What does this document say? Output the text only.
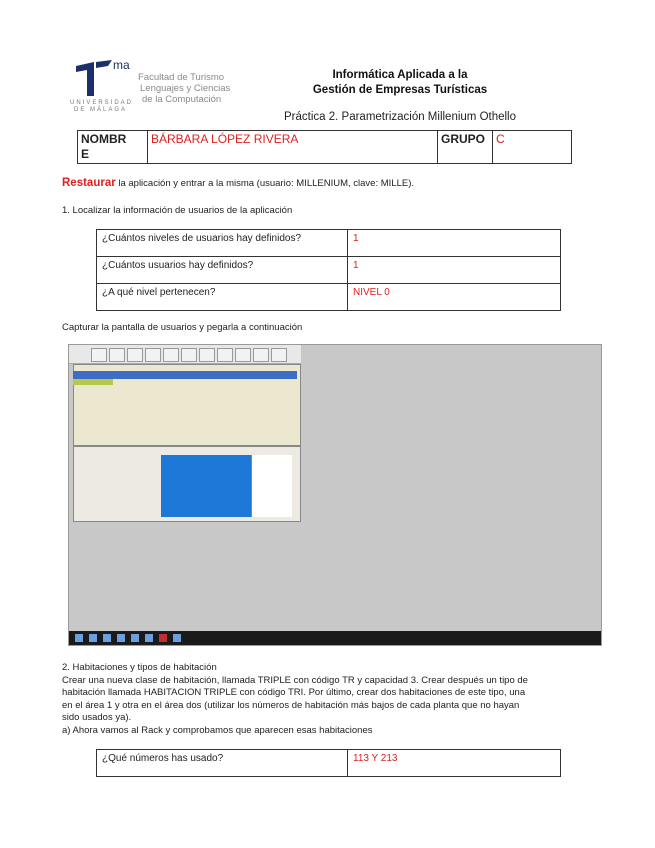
ma
Facultad de Turismo
Lenguajes y Ciencias
de la Computación
UNIVERSIDAD
DE MÁLAGA
Informática Aplicada a la
Gestión de Empresas Turísticas
Práctica 2. Parametrización Millenium Othello
NOMBR
E
	BÁRBARA LÓPEZ RIVERA	GRUPO	C
Restaurar la aplicación y entrar a la misma (usuario: MILLENIUM, clave: MILLE).
1. Localizar la información de usuarios de la aplicación
¿Cuántos niveles de usuarios hay definidos?	1
¿Cuántos usuarios hay definidos?	1
¿A qué nivel pertenecen?	NIVEL 0
Capturar la pantalla de usuarios y pegarla a continuación
2. Habitaciones y tipos de habitación
Crear una nueva clase de habitación, llamada TRIPLE con código TR y capacidad 3. Crear después un tipo de
habitación llamada HABITACION TRIPLE con código TRI. Por último, crear dos habitaciones de este tipo, una
en el área 1 y otra en el área dos (utilizar los números de habitación más bajos de cada planta que no hayan
sido usados ya).
a) Ahora vamos al Rack y comprobamos que aparecen esas habitaciones
¿Qué números has usado?	113 Y 213
